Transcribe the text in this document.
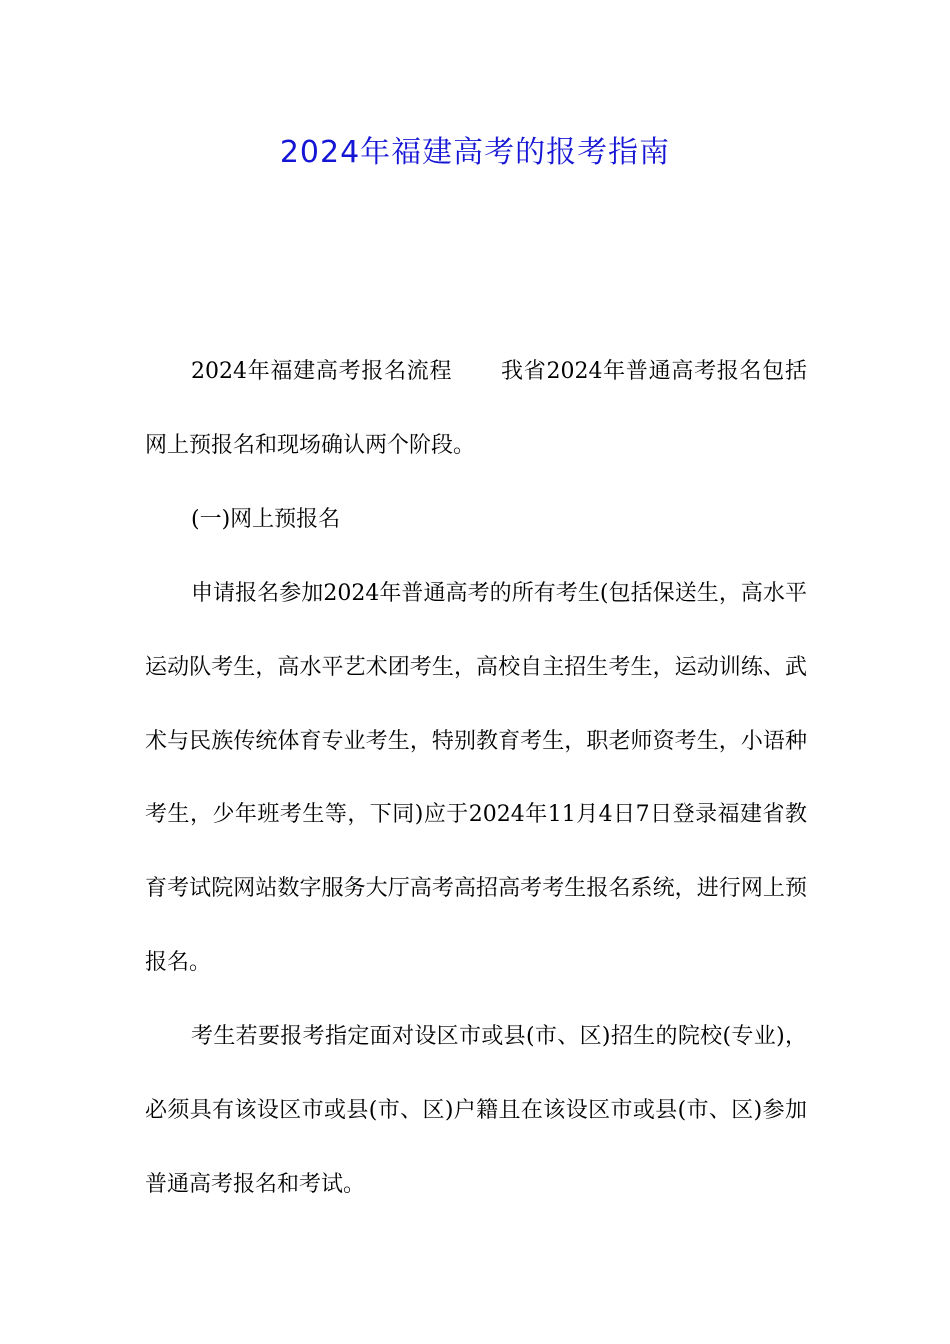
2024年福建高考的报考指南

2024年福建高考报名流程 我省2024年普通高考报名包括网上预报名和现场确认两个阶段。

(一)网上预报名

申请报名参加2024年普通高考的所有考生(包括保送生，高水平运动队考生，高水平艺术团考生，高校自主招生考生，运动训练、武术与民族传统体育专业考生，特别教育考生，职老师资考生，小语种考生，少年班考生等，下同)应于2024年11月4日7日登录福建省教育考试院网站数字服务大厅高考高招高考考生报名系统，进行网上预报名。

考生若要报考指定面对设区市或县(市、区)招生的院校(专业)，必须具有该设区市或县(市、区)户籍且在该设区市或县(市、区)参加普通高考报名和考试。
